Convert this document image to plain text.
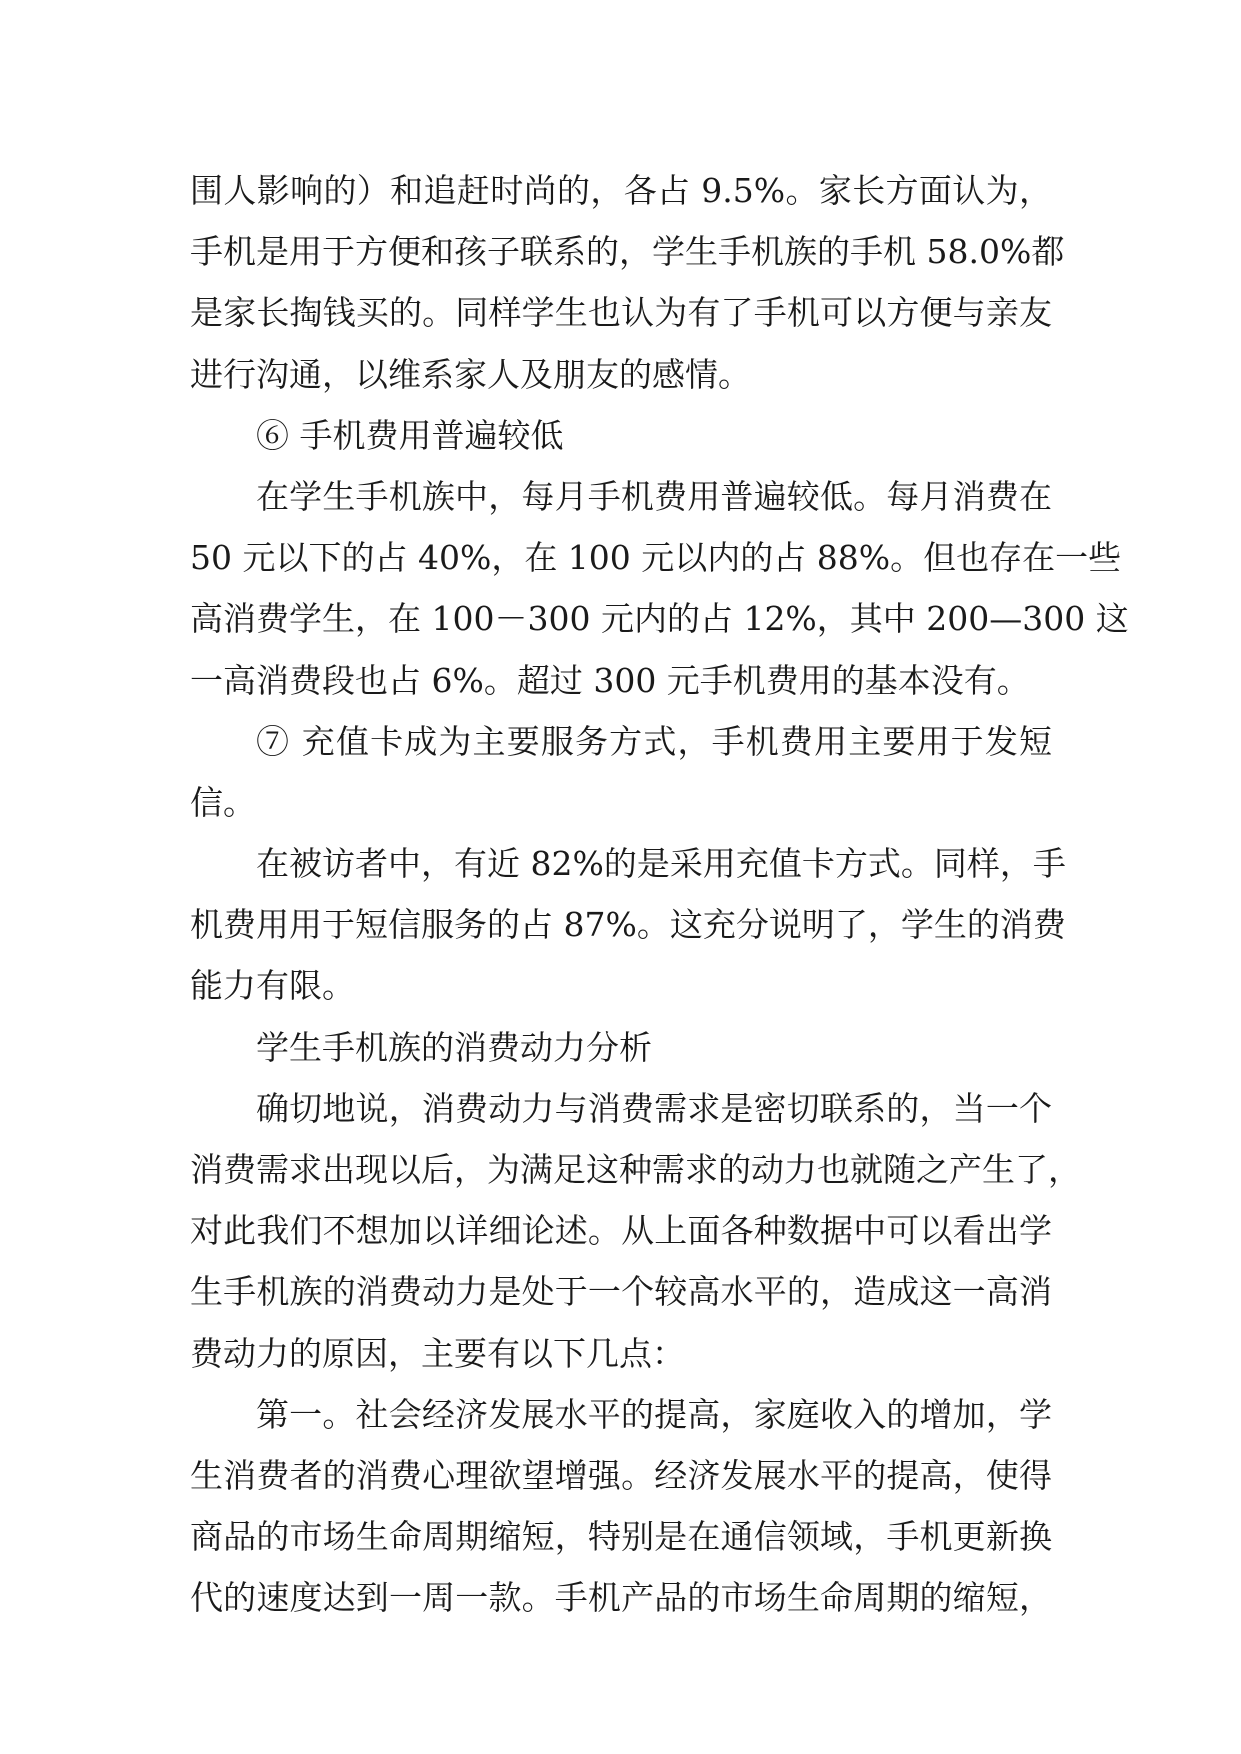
围人影响的）和追赶时尚的，各占 9.5%。家长方面认为，
手机是用于方便和孩子联系的，学生手机族的手机 58.0%都
是家长掏钱买的。同样学生也认为有了手机可以方便与亲友
进行沟通，以维系家人及朋友的感情。
⑥ 手机费用普遍较低
在学生手机族中，每月手机费用普遍较低。每月消费在
50 元以下的占 40%，在 100 元以内的占 88%。但也存在一些
高消费学生，在 100－300 元内的占 12%，其中 200—300 这
一高消费段也占 6%。超过 300 元手机费用的基本没有。
⑦ 充值卡成为主要服务方式，手机费用主要用于发短
信。
在被访者中，有近 82%的是采用充值卡方式。同样，手
机费用用于短信服务的占 87%。这充分说明了，学生的消费
能力有限。
学生手机族的消费动力分析
确切地说，消费动力与消费需求是密切联系的，当一个
消费需求出现以后，为满足这种需求的动力也就随之产生了，
对此我们不想加以详细论述。从上面各种数据中可以看出学
生手机族的消费动力是处于一个较高水平的，造成这一高消
费动力的原因，主要有以下几点：
第一。社会经济发展水平的提高，家庭收入的增加，学
生消费者的消费心理欲望增强。经济发展水平的提高，使得
商品的市场生命周期缩短，特别是在通信领域，手机更新换
代的速度达到一周一款。手机产品的市场生命周期的缩短，
